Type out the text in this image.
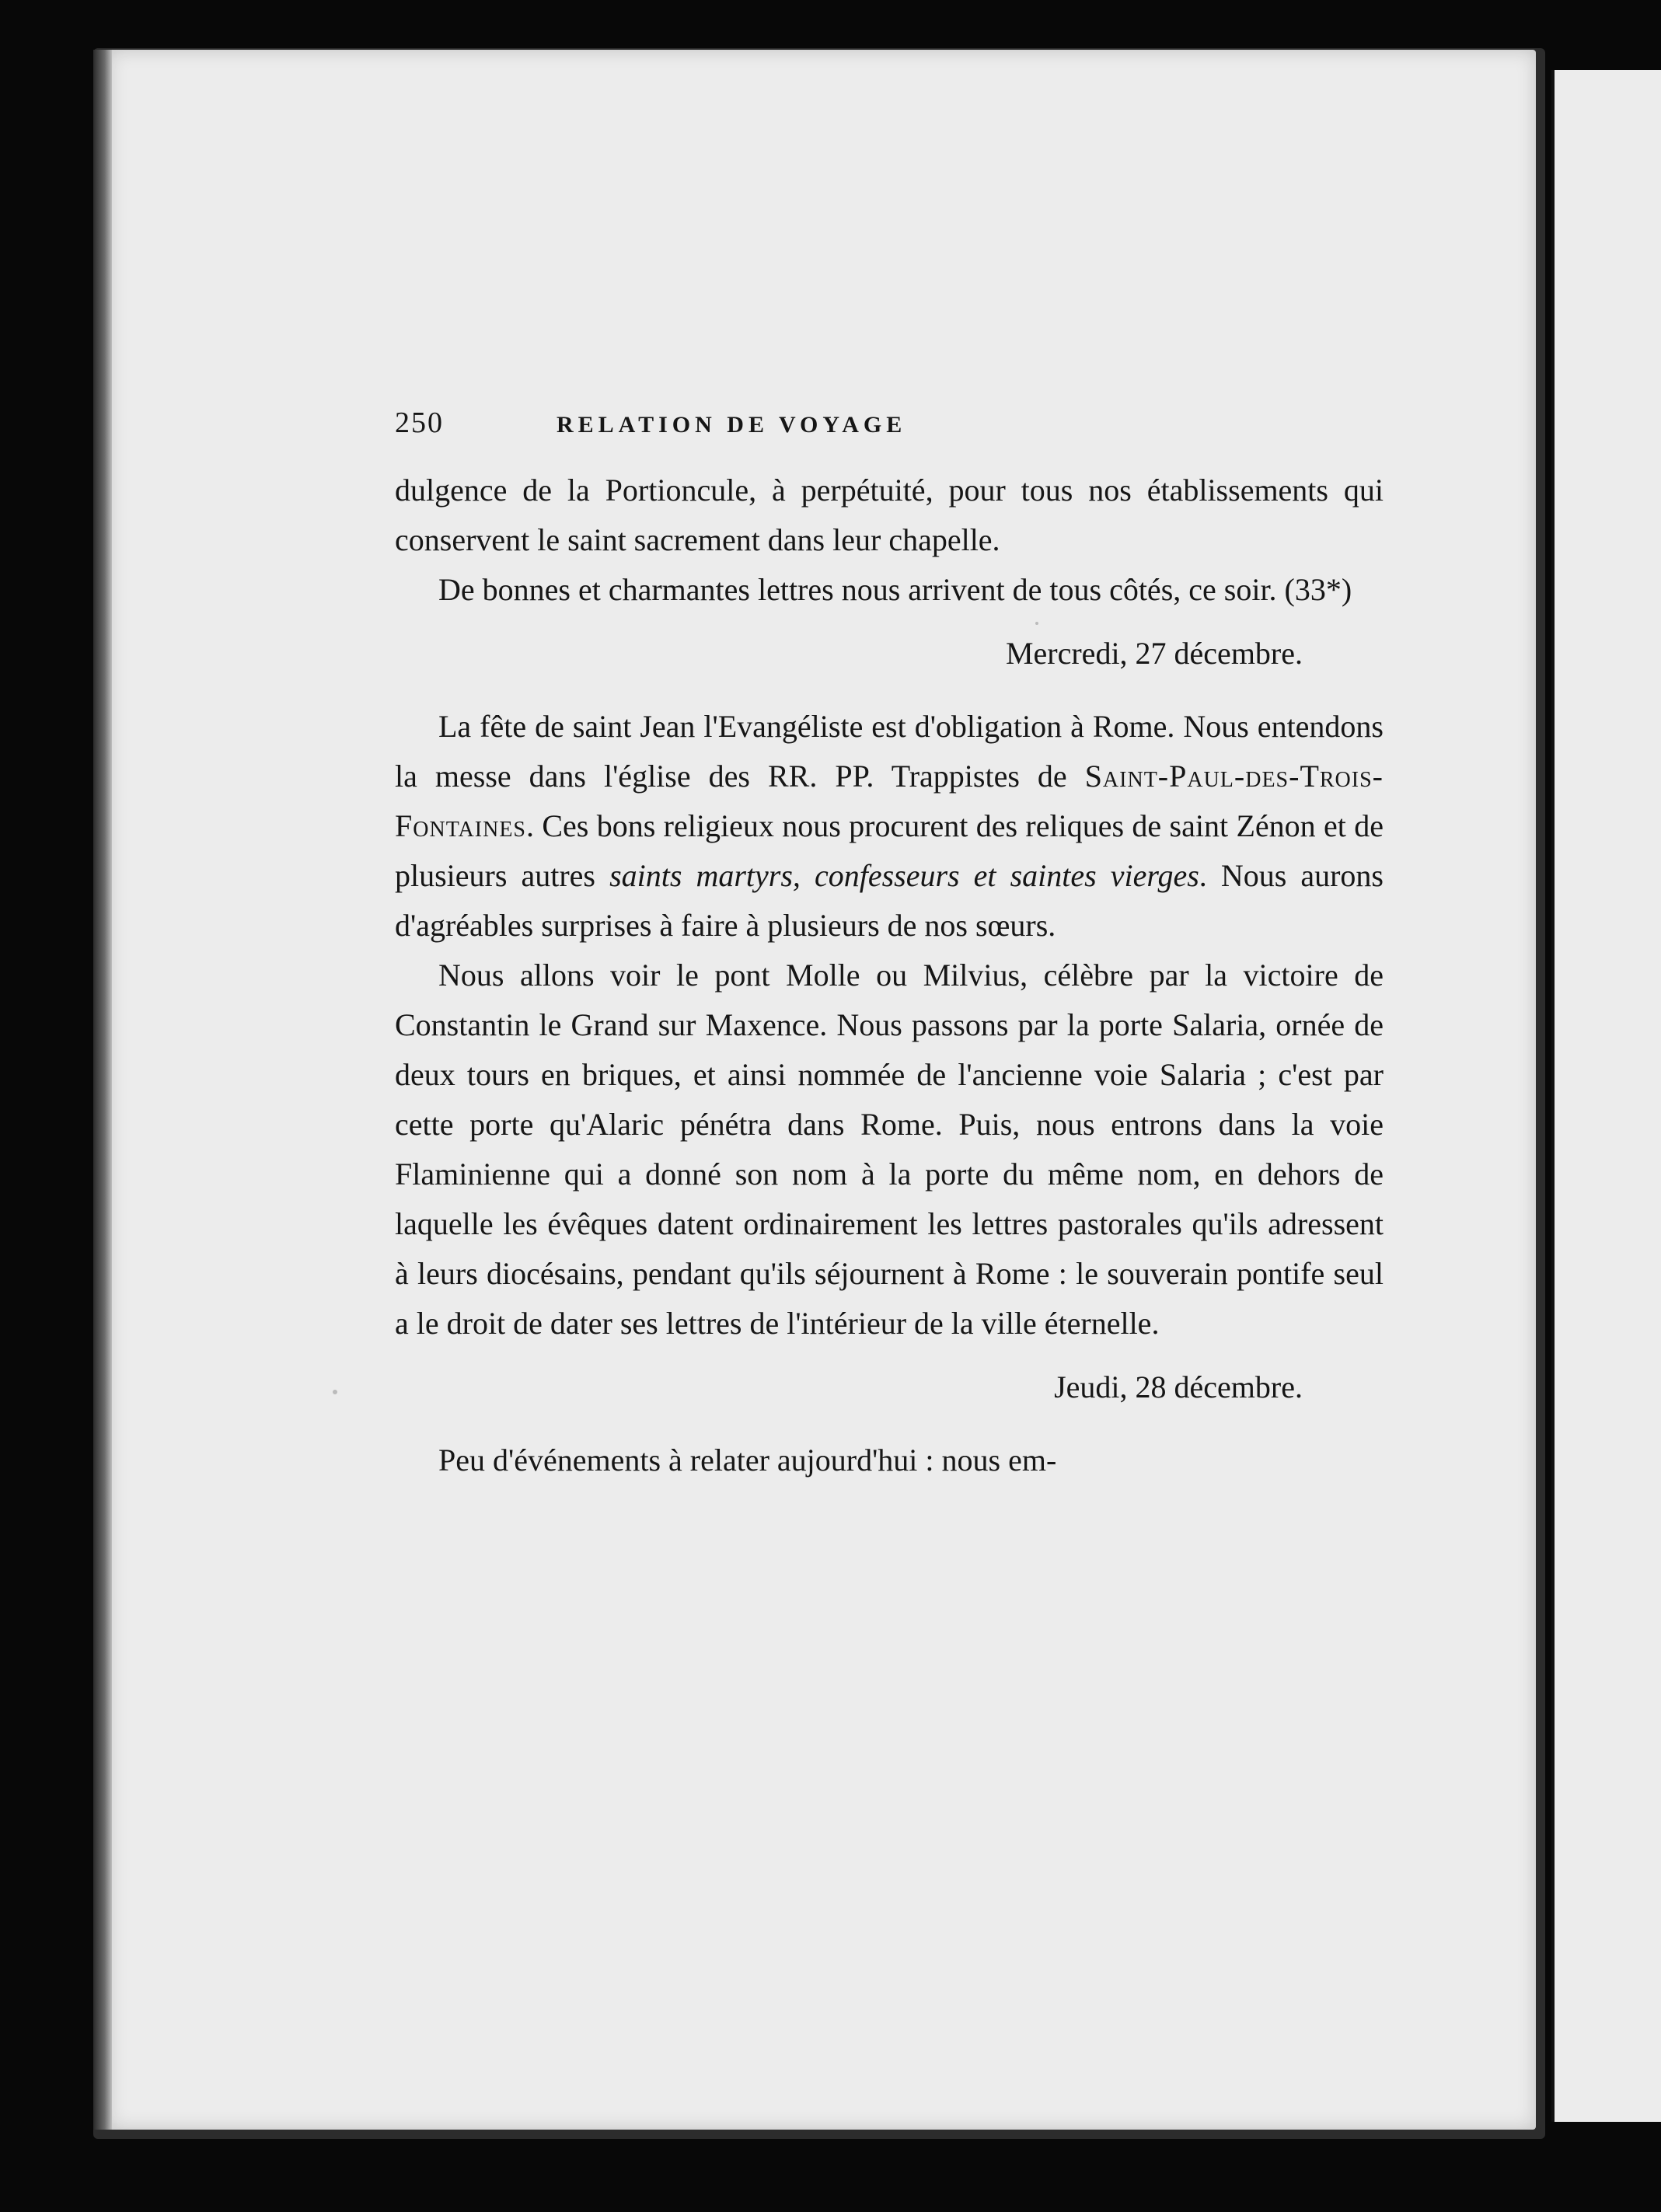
250	RELATION DE VOYAGE

dulgence de la Portioncule, à perpétuité, pour tous nos établissements qui conservent le saint sacrement dans leur chapelle.

De bonnes et charmantes lettres nous arrivent de tous côtés, ce soir. (33*)

Mercredi, 27 décembre.

La fête de saint Jean l'Evangéliste est d'obligation à Rome. Nous entendons la messe dans l'église des RR. PP. Trappistes de Saint-Paul-des-Trois-Fontaines. Ces bons religieux nous procurent des reliques de saint Zénon et de plusieurs autres saints martyrs, confesseurs et saintes vierges. Nous aurons d'agréables surprises à faire à plusieurs de nos sœurs.

Nous allons voir le pont Molle ou Milvius, célèbre par la victoire de Constantin le Grand sur Maxence. Nous passons par la porte Salaria, ornée de deux tours en briques, et ainsi nommée de l'ancienne voie Salaria ; c'est par cette porte qu'Alaric pénétra dans Rome. Puis, nous entrons dans la voie Flaminienne qui a donné son nom à la porte du même nom, en dehors de laquelle les évêques datent ordinairement les lettres pastorales qu'ils adressent à leurs diocésains, pendant qu'ils séjournent à Rome : le souverain pontife seul a le droit de dater ses lettres de l'intérieur de la ville éternelle.

Jeudi, 28 décembre.

Peu d'événements à relater aujourd'hui : nous em-
